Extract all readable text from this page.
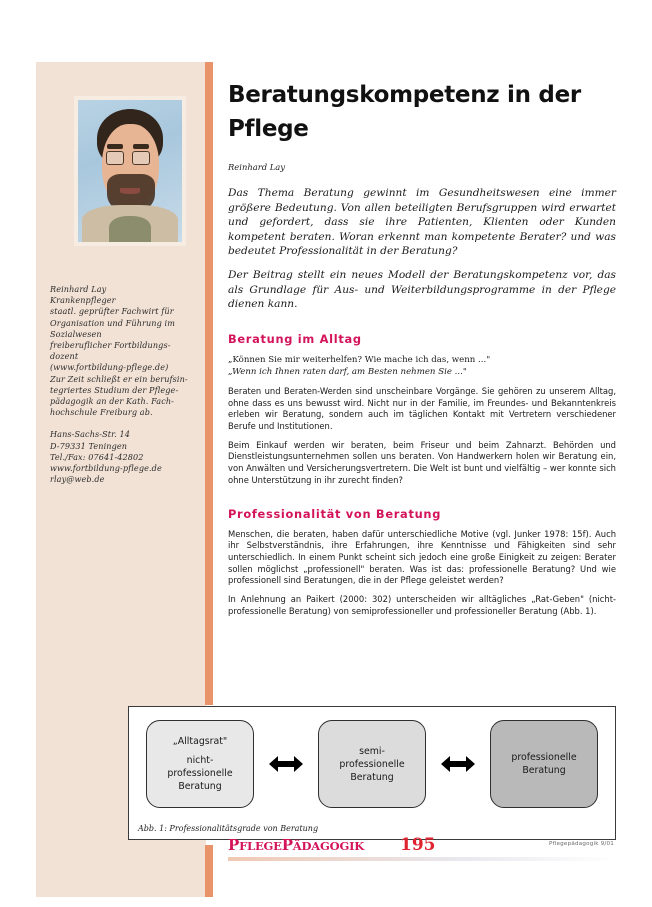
Reinhard Lay

Krankenpfleger

staatl. geprüfter Fachwirt für

Organisation und Führung im

Sozialwesen

freiberuflicher Fortbildungs-

dozent

(www.fortbildung-pflege.de)

Zur Zeit schließt er ein berufsin-

tegriertes Studium der Pflege-

pädagogik an der Kath. Fach-

hochschule Freiburg ab.

Hans-Sachs-Str. 14

D-79331 Teningen

Tel./Fax: 07641-42802

www.fortbildung-pflege.de

rlay@web.de

Beratungskompetenz in der
Pflege
Reinhard Lay

Das Thema Beratung gewinnt im Gesundheitswesen eine immer größere Bedeutung. Von allen beteiligten Berufsgruppen wird erwartet und gefordert, dass sie ihre Patienten, Klienten oder Kunden kompetent beraten. Woran erkennt man kompetente Berater? und was bedeutet Professionalität in der Beratung?

Der Beitrag stellt ein neues Modell der Beratungskompetenz vor, das als Grundlage für Aus- und Weiterbildungsprogramme in der Pflege dienen kann.

Beratung im Alltag
„Können Sie mir weiterhelfen? Wie mache ich das, wenn ..."
„Wenn ich Ihnen raten darf, am Besten nehmen Sie ..."

Beraten und Beraten-Werden sind unscheinbare Vorgänge. Sie gehören zu unserem Alltag, ohne dass es uns bewusst wird. Nicht nur in der Familie, im Freundes- und Bekanntenkreis erleben wir Beratung, sondern auch im täglichen Kontakt mit Vertretern verschiedener Berufe und Institutionen.

Beim Einkauf werden wir beraten, beim Friseur und beim Zahnarzt. Behörden und Dienstleistungsunternehmen sollen uns beraten. Von Handwerkern holen wir Beratung ein, von Anwälten und Versicherungsvertretern. Die Welt ist bunt und vielfältig – wer konnte sich ohne Unterstützung in ihr zurecht finden?

Professionalität von Beratung

Menschen, die beraten, haben dafür unterschiedliche Motive (vgl. Junker 1978: 15f). Auch ihr Selbstverständnis, ihre Erfahrungen, ihre Kenntnisse und Fähigkeiten sind sehr unterschiedlich. In einem Punkt scheint sich jedoch eine große Einigkeit zu zeigen: Berater sollen möglichst „professionell" beraten. Was ist das: professionelle Beratung? Und wie professionell sind Beratungen, die in der Pflege geleistet werden?

In Anlehnung an Paikert (2000: 302) unterscheiden wir alltägliches „Rat-Geben" (nicht-professionelle Beratung) von semiprofessioneller und professioneller Beratung (Abb. 1).

„Alltagsrat"
nicht-
professionelle
Beratung
semi-
professionelle
Beratung
professionelle
Beratung
Abb. 1: Professionalitätsgrade von Beratung
PFLEGEPÄDAGOGIK 195	Pflegepädagogik 9/01
